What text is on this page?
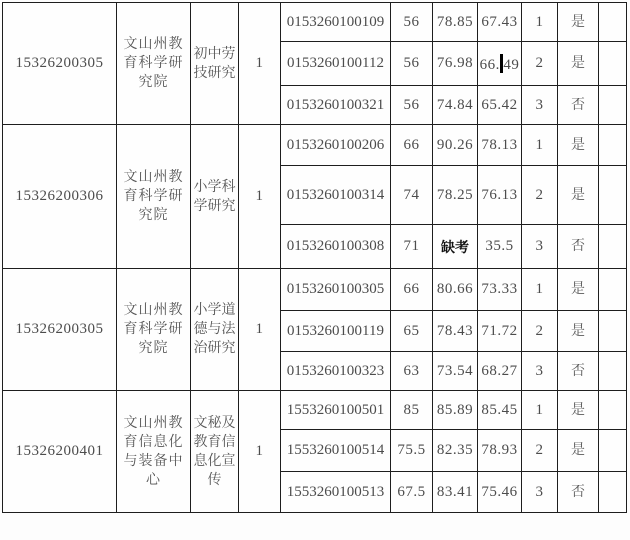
15326200305	文山州教育科学研究院	初中劳技研究	1	0153260100109	56	78.85	67.43	1	是	
				0153260100112	56	76.98	66. 49	2	是	
				0153260100321	56	74.84	65.42	3	否	
15326200306	文山州教育科学研究院	小学科学研究	1	0153260100206	66	90.26	78.13	1	是	
				0153260100314	74	78.25	76.13	2	是	
				0153260100308	71	缺考	35.5	3	否	
15326200305	文山州教育科学研究院	小学道德与法治研究	1	0153260100305	66	80.66	73.33	1	是	
				0153260100119	65	78.43	71.72	2	是	
				0153260100323	63	73.54	68.27	3	否	
15326200401	文山州教育信息化与装备中心	文秘及教育信息化宣传	1	1553260100501	85	85.89	85.45	1	是	
				1553260100514	75.5	82.35	78.93	2	是	
				1553260100513	67.5	83.41	75.46	3	否	
